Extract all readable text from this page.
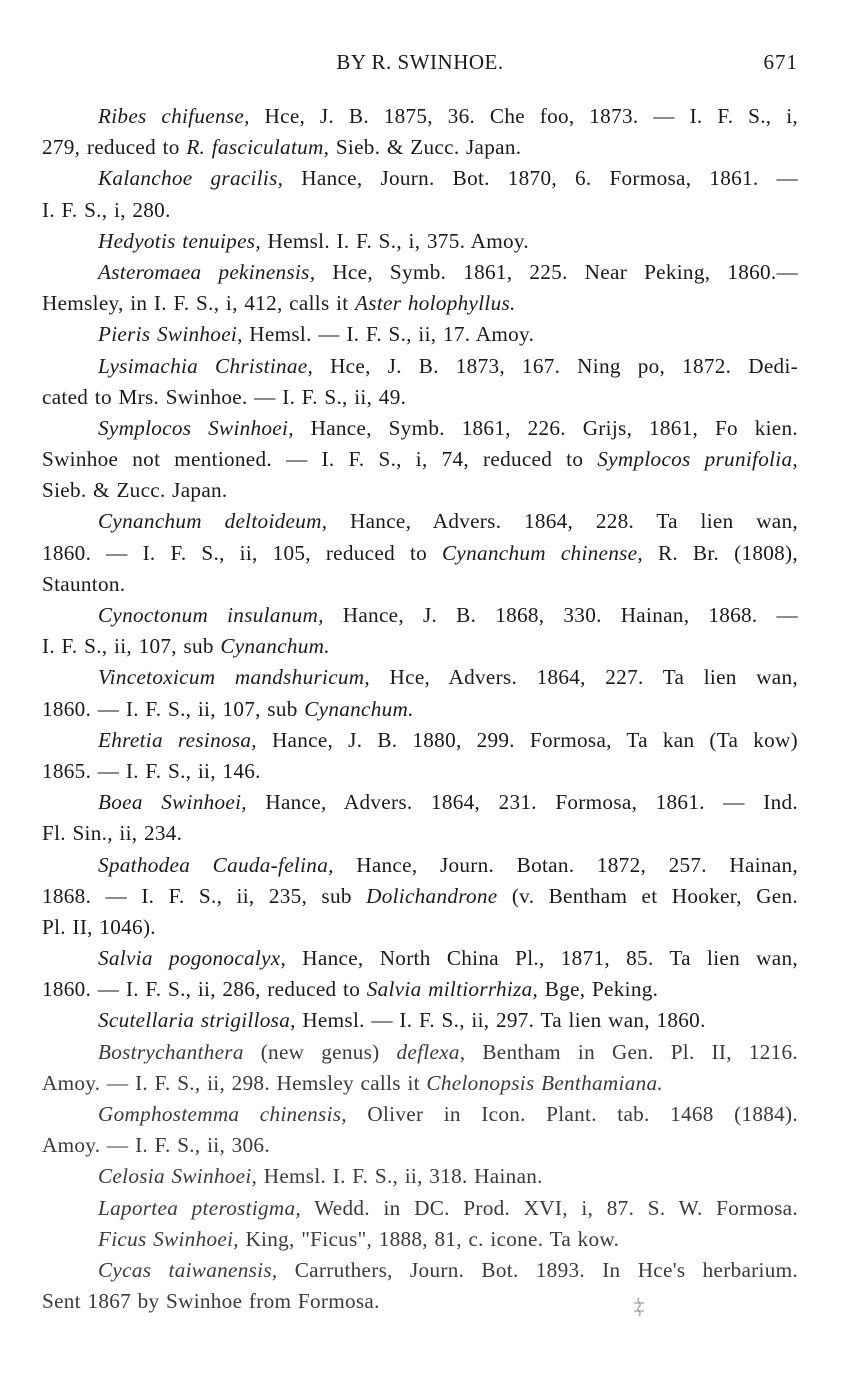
BY R. SWINHOE.	671
Ribes chifuense, Hce, J. B. 1875, 36. Che foo, 1873. — I. F. S., i,
279, reduced to R. fasciculatum, Sieb. & Zucc. Japan.
Kalanchoe gracilis, Hance, Journ. Bot. 1870, 6. Formosa, 1861. —
I. F. S., i, 280.
Hedyotis tenuipes, Hemsl. I. F. S., i, 375. Amoy.
Asteromaea pekinensis, Hce, Symb. 1861, 225. Near Peking, 1860.—
Hemsley, in I. F. S., i, 412, calls it Aster holophyllus.
Pieris Swinhoei, Hemsl. — I. F. S., ii, 17. Amoy.
Lysimachia Christinae, Hce, J. B. 1873, 167. Ning po, 1872. Dedi-
cated to Mrs. Swinhoe. — I. F. S., ii, 49.
Symplocos Swinhoei, Hance, Symb. 1861, 226. Grijs, 1861, Fo kien.
Swinhoe not mentioned. — I. F. S., i, 74, reduced to Symplocos prunifolia,
Sieb. & Zucc. Japan.
Cynanchum deltoideum, Hance, Advers. 1864, 228. Ta lien wan,
1860. — I. F. S., ii, 105, reduced to Cynanchum chinense, R. Br. (1808),
Staunton.
Cynoctonum insulanum, Hance, J. B. 1868, 330. Hainan, 1868. —
I. F. S., ii, 107, sub Cynanchum.
Vincetoxicum mandshuricum, Hce, Advers. 1864, 227. Ta lien wan,
1860. — I. F. S., ii, 107, sub Cynanchum.
Ehretia resinosa, Hance, J. B. 1880, 299. Formosa, Ta kan (Ta kow)
1865. — I. F. S., ii, 146.
Boea Swinhoei, Hance, Advers. 1864, 231. Formosa, 1861. — Ind.
Fl. Sin., ii, 234.
Spathodea Cauda-felina, Hance, Journ. Botan. 1872, 257. Hainan,
1868. — I. F. S., ii, 235, sub Dolichandrone (v. Bentham et Hooker, Gen.
Pl. II, 1046).
Salvia pogonocalyx, Hance, North China Pl., 1871, 85. Ta lien wan,
1860. — I. F. S., ii, 286, reduced to Salvia miltiorrhiza, Bge, Peking.
Scutellaria strigillosa, Hemsl. — I. F. S., ii, 297. Ta lien wan, 1860.
Bostrychanthera (new genus) deflexa, Bentham in Gen. Pl. II, 1216.
Amoy. — I. F. S., ii, 298. Hemsley calls it Chelonopsis Benthamiana.
Gomphostemma chinensis, Oliver in Icon. Plant. tab. 1468 (1884).
Amoy. — I. F. S., ii, 306.
Celosia Swinhoei, Hemsl. I. F. S., ii, 318. Hainan.
Laportea pterostigma, Wedd. in DC. Prod. XVI, i, 87. S. W. Formosa.
Ficus Swinhoei, King, "Ficus", 1888, 81, c. icone. Ta kow.
Cycas taiwanensis, Carruthers, Journ. Bot. 1893. In Hce's herbarium.
Sent 1867 by Swinhoe from Formosa.
